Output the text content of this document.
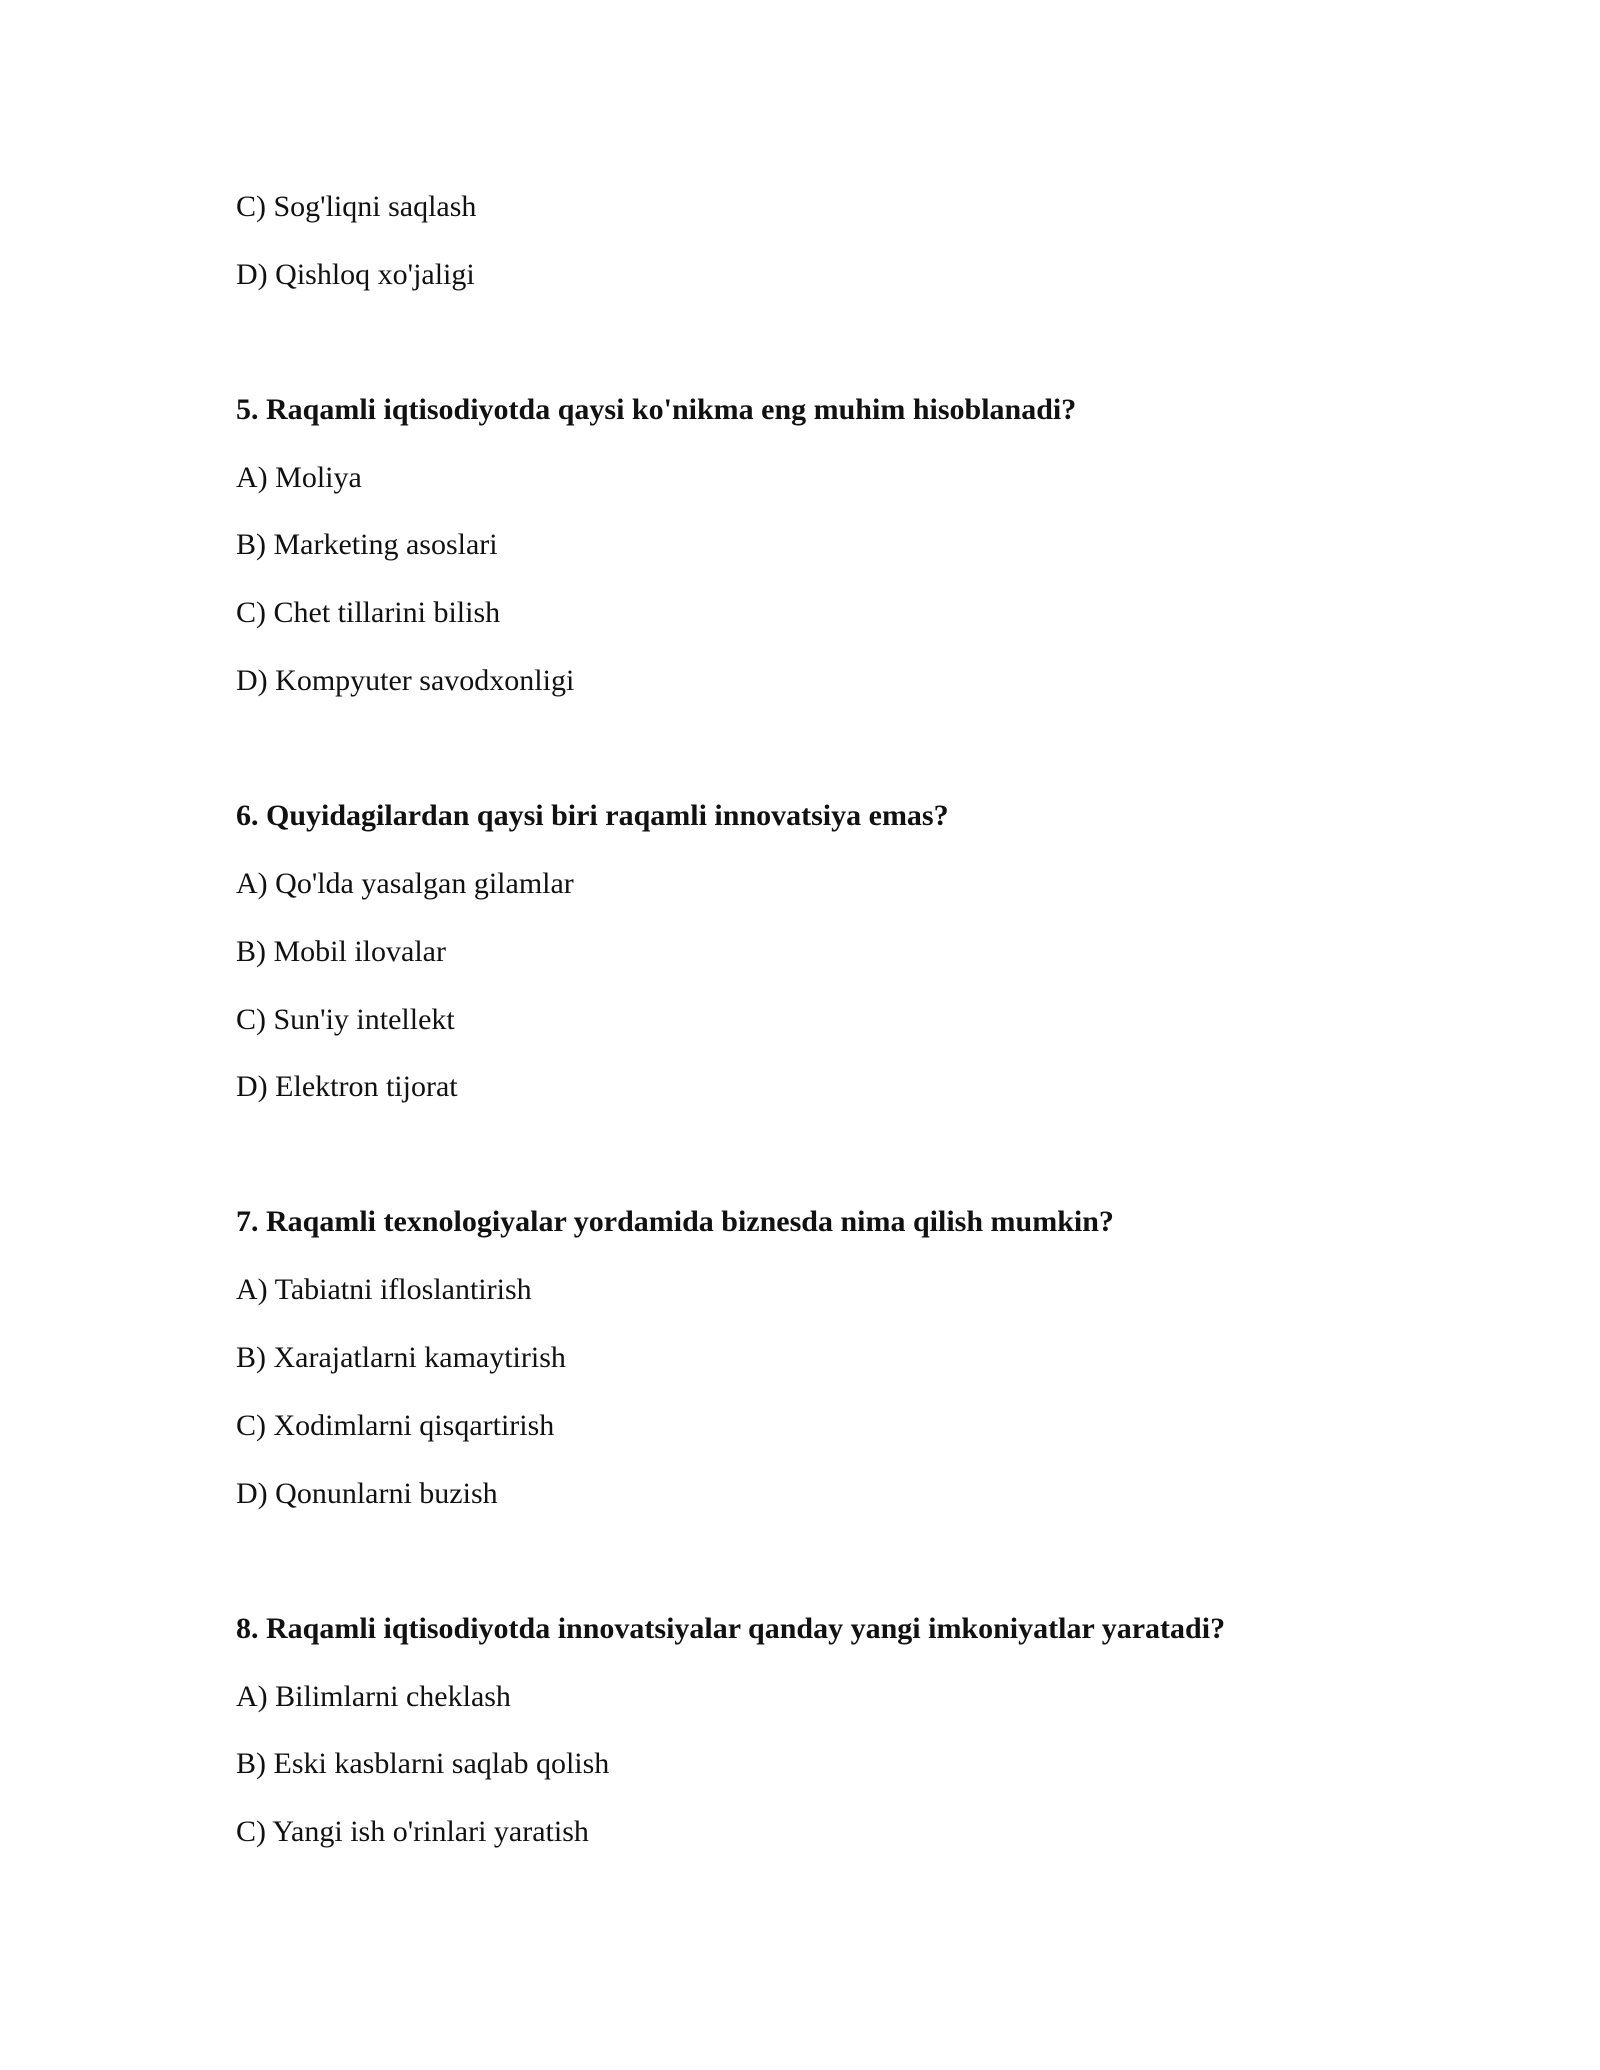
C) Sog'liqni saqlash
D) Qishloq xo'jaligi
5. Raqamli iqtisodiyotda qaysi ko'nikma eng muhim hisoblanadi?
A) Moliya
B) Marketing asoslari
C) Chet tillarini bilish
D) Kompyuter savodxonligi
6. Quyidagilardan qaysi biri raqamli innovatsiya emas?
A) Qo'lda yasalgan gilamlar
B) Mobil ilovalar
C) Sun'iy intellekt
D) Elektron tijorat
7. Raqamli texnologiyalar yordamida biznesda nima qilish mumkin?
A) Tabiatni ifloslantirish
B) Xarajatlarni kamaytirish
C) Xodimlarni qisqartirish
D) Qonunlarni buzish
8. Raqamli iqtisodiyotda innovatsiyalar qanday yangi imkoniyatlar yaratadi?
A) Bilimlarni cheklash
B) Eski kasblarni saqlab qolish
C) Yangi ish o'rinlari yaratish
